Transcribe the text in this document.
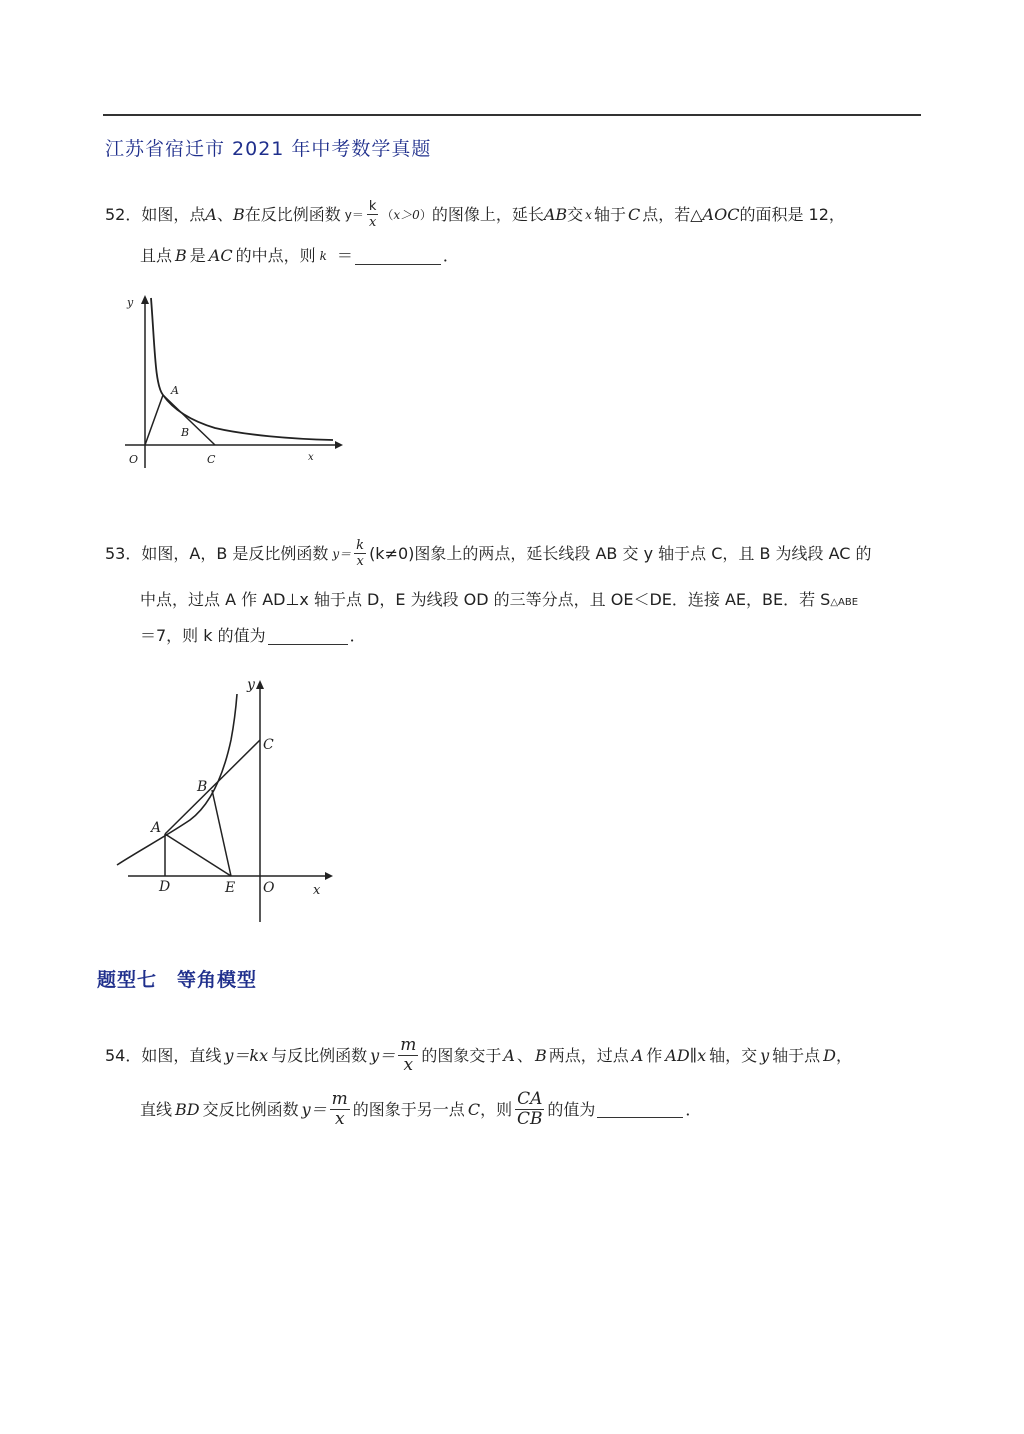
江苏省宿迁市 2021 年中考数学真题
52． 如图，点 A 、 B 在反比例函数 $y= \frac{k}{x}$ （ x＞0 ） 的图像上，延长 AB 交 x 轴于 C 点，若△ AOC 的面积是 12，
且点 B 是 AC 的中点，则 k ＝	．
y
A
B
O	C	x
53． 如图，A，B 是反比例函数 $y= \frac{k}{x} (k\ne 0)$图象上的两点，延长线段 AB 交 y 轴于点 C，且 B 为线段 AC 的
中点，过点 A 作 AD⊥x 轴于点 D，E 为线段 OD 的三等分点，且 OE＜DE．连接 AE，BE．若 S △ABE
＝7，则 k 的值为	．
y
C
B
A
D	E O	x
题型七　等角模型
54． 如图，直线 y＝kx 与反比例函数 $y= \frac{m}{x}$ 的图象交于 A 、 B 两点，过点 A 作 AD∥x 轴，交 y 轴于点 D ，
直线 BD 交反比例函数 $y= \frac{m}{x}$ 的图象于另一点 C ，则 $\frac{CA}{CB}$ 的值为	．
